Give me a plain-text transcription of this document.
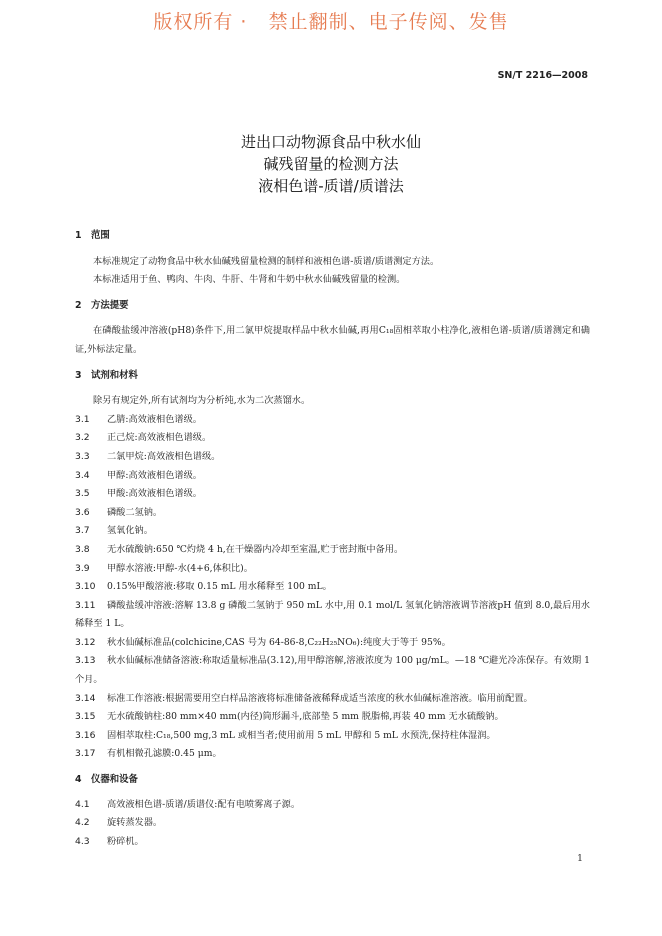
版权所有 ·   禁止翻制、电子传阅、发售
SN/T 2216—2008
进出口动物源食品中秋水仙
碱残留量的检测方法
液相色谱-质谱/质谱法
1 范围
本标准规定了动物食品中秋水仙碱残留量检测的制样和液相色谱-质谱/质谱测定方法。
本标准适用于鱼、鸭肉、牛肉、牛肝、牛肾和牛奶中秋水仙碱残留量的检测。
2 方法提要
在磷酸盐缓冲溶液(pH8)条件下,用二氯甲烷提取样品中秋水仙碱,再用C₁₈固相萃取小柱净化,液相色谱-质谱/质谱测定和确证,外标法定量。
3 试剂和材料
除另有规定外,所有试剂均为分析纯,水为二次蒸馏水。
3.1 乙腈:高效液相色谱级。
3.2 正己烷:高效液相色谱级。
3.3 二氯甲烷:高效液相色谱级。
3.4 甲醇:高效液相色谱级。
3.5 甲酸:高效液相色谱级。
3.6 磷酸二氢钠。
3.7 氢氧化钠。
3.8 无水硫酸钠:650 ℃灼烧 4 h,在干燥器内冷却至室温,贮于密封瓶中备用。
3.9 甲醇水溶液:甲醇-水(4+6,体积比)。
3.10 0.15%甲酸溶液:移取 0.15 mL 用水稀释至 100 mL。
3.11 磷酸盐缓冲溶液:溶解 13.8 g 磷酸二氢钠于 950 mL 水中,用 0.1 mol/L 氢氧化钠溶液调节溶液pH 值到 8.0,最后用水稀释至 1 L。
3.12 秋水仙碱标准品(colchicine,CAS 号为 64-86-8,C₂₂H₂₅NO₆):纯度大于等于 95%。
3.13 秋水仙碱标准储备溶液:称取适量标准品(3.12),用甲醇溶解,溶液浓度为 100 μg/mL。—18 ℃避光冷冻保存。有效期 1 个月。
3.14 标准工作溶液:根据需要用空白样品溶液将标准储备液稀释成适当浓度的秋水仙碱标准溶液。临用前配置。
3.15 无水硫酸钠柱:80 mm×40 mm(内径)筒形漏斗,底部垫 5 mm 脱脂棉,再装 40 mm 无水硫酸钠。
3.16 固相萃取柱:C₁₈,500 mg,3 mL 或相当者;使用前用 5 mL 甲醇和 5 mL 水预洗,保持柱体湿润。
3.17 有机相微孔滤膜:0.45 μm。
4 仪器和设备
4.1 高效液相色谱-质谱/质谱仪:配有电喷雾离子源。
4.2 旋转蒸发器。
4.3 粉碎机。
1
